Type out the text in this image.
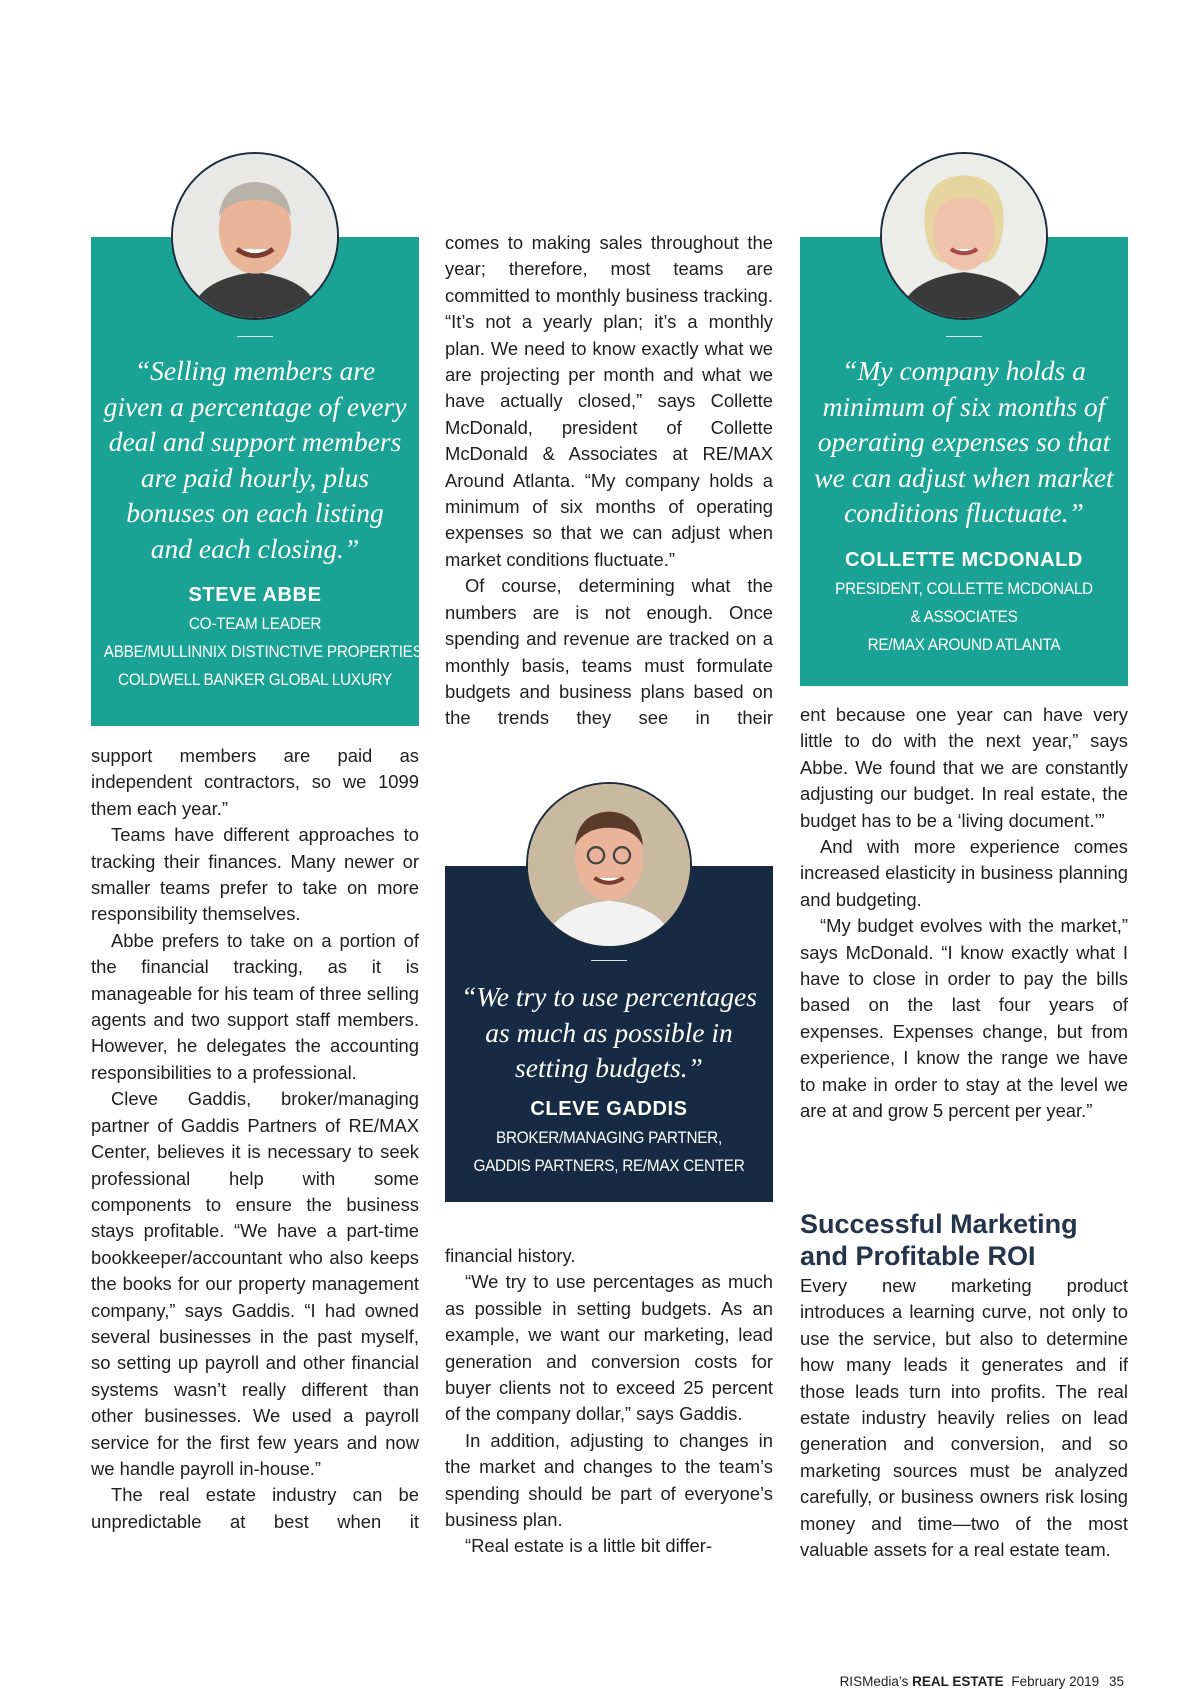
“Selling members are given a percentage of every deal and support members are paid hourly, plus bonuses on each listing and each closing.”

STEVE ABBE

CO-TEAM LEADER

ABBE/MULLINNIX DISTINCTIVE PROPERTIES

COLDWELL BANKER GLOBAL LUXURY

support members are paid as independent contractors, so we 1099 them each year.”

Teams have different approaches to tracking their finances. Many newer or smaller teams prefer to take on more responsibility themselves.

Abbe prefers to take on a portion of the financial tracking, as it is manageable for his team of three selling agents and two support staff members. However, he delegates the accounting responsibilities to a professional.

Cleve Gaddis, broker/managing partner of Gaddis Partners of RE/MAX Center, believes it is necessary to seek professional help with some components to ensure the business stays profitable. “We have a part-time bookkeeper/accountant who also keeps the books for our property management company,” says Gaddis. “I had owned several businesses in the past myself, so setting up payroll and other financial systems wasn’t really different than other businesses. We used a payroll service for the first few years and now we handle payroll in-house.”

The real estate industry can be unpredictable at best when it

comes to making sales throughout the year; therefore, most teams are committed to monthly business tracking. “It’s not a yearly plan; it’s a monthly plan. We need to know exactly what we are projecting per month and what we have actually closed,” says Collette McDonald, president of Collette McDonald & Associates at RE/MAX Around Atlanta. “My company holds a minimum of six months of operating expenses so that we can adjust when market conditions fluctuate.”

Of course, determining what the numbers are is not enough. Once spending and revenue are tracked on a monthly basis, teams must formulate budgets and business plans based on the trends they see in their

“We try to use percentages as much as possible in setting budgets.”

CLEVE GADDIS

BROKER/MANAGING PARTNER,

GADDIS PARTNERS, RE/MAX CENTER

financial history.

“We try to use percentages as much as possible in setting budgets. As an example, we want our marketing, lead generation and conversion costs for buyer clients not to exceed 25 percent of the company dollar,” says Gaddis.

In addition, adjusting to changes in the market and changes to the team’s spending should be part of everyone’s business plan.

“Real estate is a little bit differ-

“My company holds a minimum of six months of operating expenses so that we can adjust when market conditions fluctuate.”

COLLETTE MCDONALD

PRESIDENT, COLLETTE MCDONALD

& ASSOCIATES

RE/MAX AROUND ATLANTA

ent because one year can have very little to do with the next year,” says Abbe. We found that we are constantly adjusting our budget. In real estate, the budget has to be a ‘living document.’”

And with more experience comes increased elasticity in business planning and budgeting.

“My budget evolves with the market,” says McDonald. “I know exactly what I have to close in order to pay the bills based on the last four years of expenses. Expenses change, but from experience, I know the range we have to make in order to stay at the level we are at and grow 5 percent per year.”

Successful Marketing and Profitable ROI

Every new marketing product introduces a learning curve, not only to use the service, but also to determine how many leads it generates and if those leads turn into profits. The real estate industry heavily relies on lead generation and conversion, and so marketing sources must be analyzed carefully, or business owners risk losing money and time—two of the most valuable assets for a real estate team.

RISMedia’s REAL ESTATE February 2019 35
